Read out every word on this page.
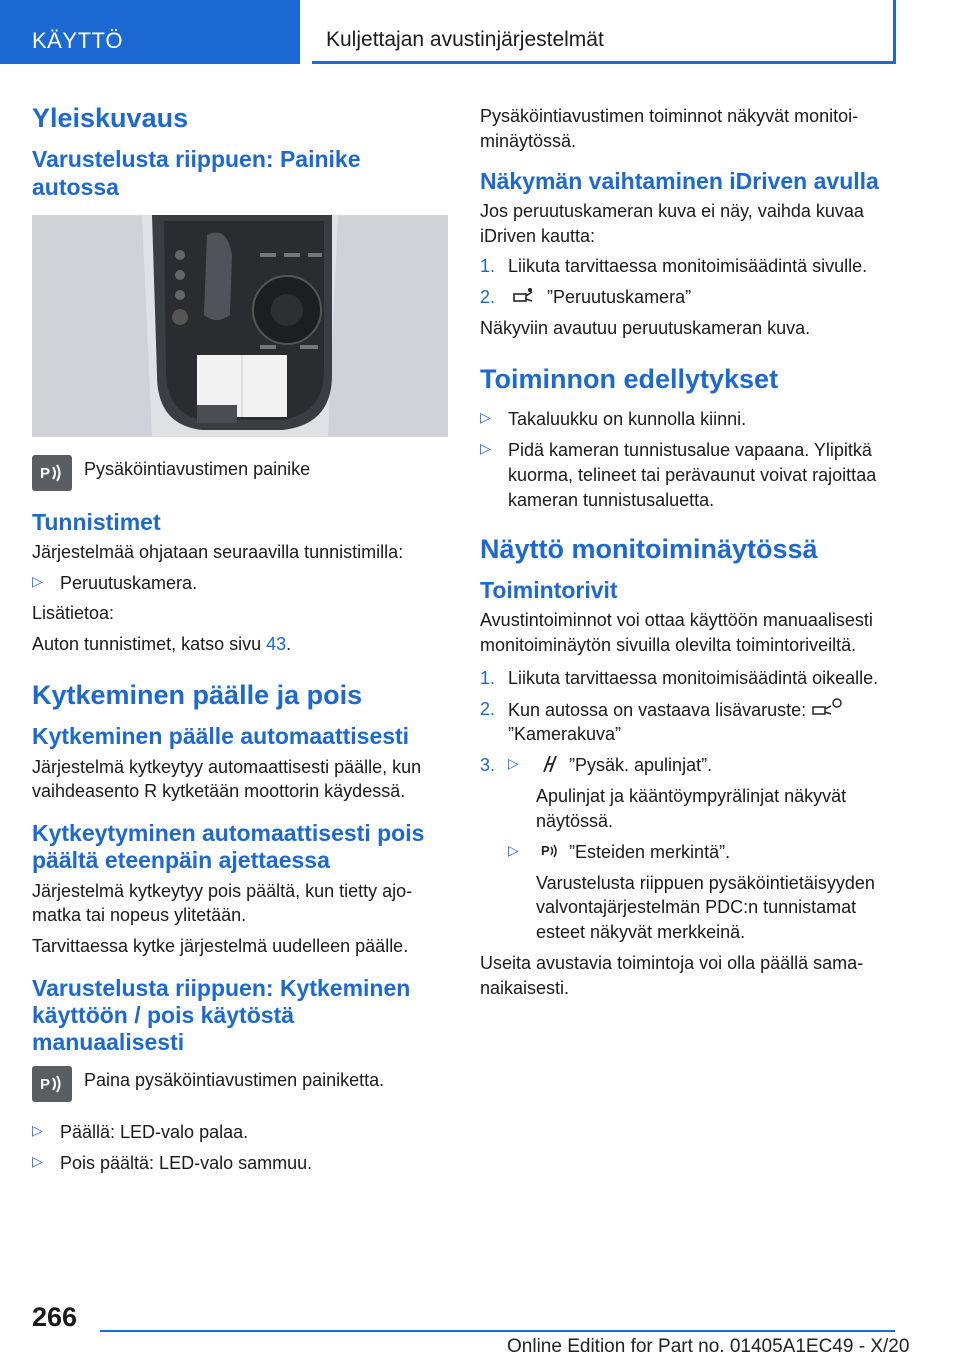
KÄYTTÖ	Kuljettajan avustinjärjestelmät
Yleiskuvaus
Varustelusta riippuen: Painike autossa
P Pysäköintiavustimen painike

Tunnistimet

Järjestelmää ohjataan seuraavilla tunnistimilla:

▷ Peruutuskamera.

Lisätietoa:

Auton tunnistimet, katso sivu 43.

Kytkeminen päälle ja pois
Kytkeminen päälle automaattisesti

Järjestelmä kytkeytyy automaattisesti päälle, kun vaihdeasento R kytketään moottorin käydessä.

Kytkeytyminen automaattisesti pois päältä eteenpäin ajettaessa

Järjestelmä kytkeytyy pois päältä, kun tietty ajomatka tai nopeus ylitetään.

Tarvittaessa kytke järjestelmä uudelleen päälle.

Varustelusta riippuen: Kytkeminen käyttöön / pois käytöstä manuaalisesti
P Paina pysäköintiavustimen painiketta.

▷ Päällä: LED-valo palaa.
▷ Pois päältä: LED-valo sammuu.

Pysäköintiavustimen toiminnot näkyvät monitoiminäytössä.

Näkymän vaihtaminen iDriven avulla

Jos peruutuskameran kuva ei näy, vaihda kuvaa iDriven kautta:

1. Liikuta tarvittaessa monitoimisäädintä sivulle.
2.	”Peruutuskamera”

Näkyviin avautuu peruutuskameran kuva.

Toiminnon edellytykset
▷ Takaluukku on kunnolla kiinni.
▷ Pidä kameran tunnistusalue vapaana. Ylipitkä kuorma, telineet tai perävaunut voivat rajoittaa kameran tunnistusaluetta.
Näyttö monitoiminäytössä
Toimintorivit

Avustintoiminnot voi ottaa käyttöön manuaalisesti monitoiminäytön sivuilla olevilta toimintoriveiltä.

1. Liikuta tarvittaessa monitoimisäädintä oikealle.
2. Kun autossa on vastaava lisävaruste:
”Kamerakuva”
3. ▷	”Pysäk. apulinjat”.

Apulinjat ja kääntöympyrälinjat näkyvät näytössä.

▷ P ”Esteiden merkintä”.

Varustelusta riippuen pysäköintietäisyyden valvontajärjestelmän PDC:n tunnistamat esteet näkyvät merkkeinä.

Useita avustavia toimintoja voi olla päällä samanaikaisesti.

266
Online Edition for Part no. 01405A1EC49 - X/20
